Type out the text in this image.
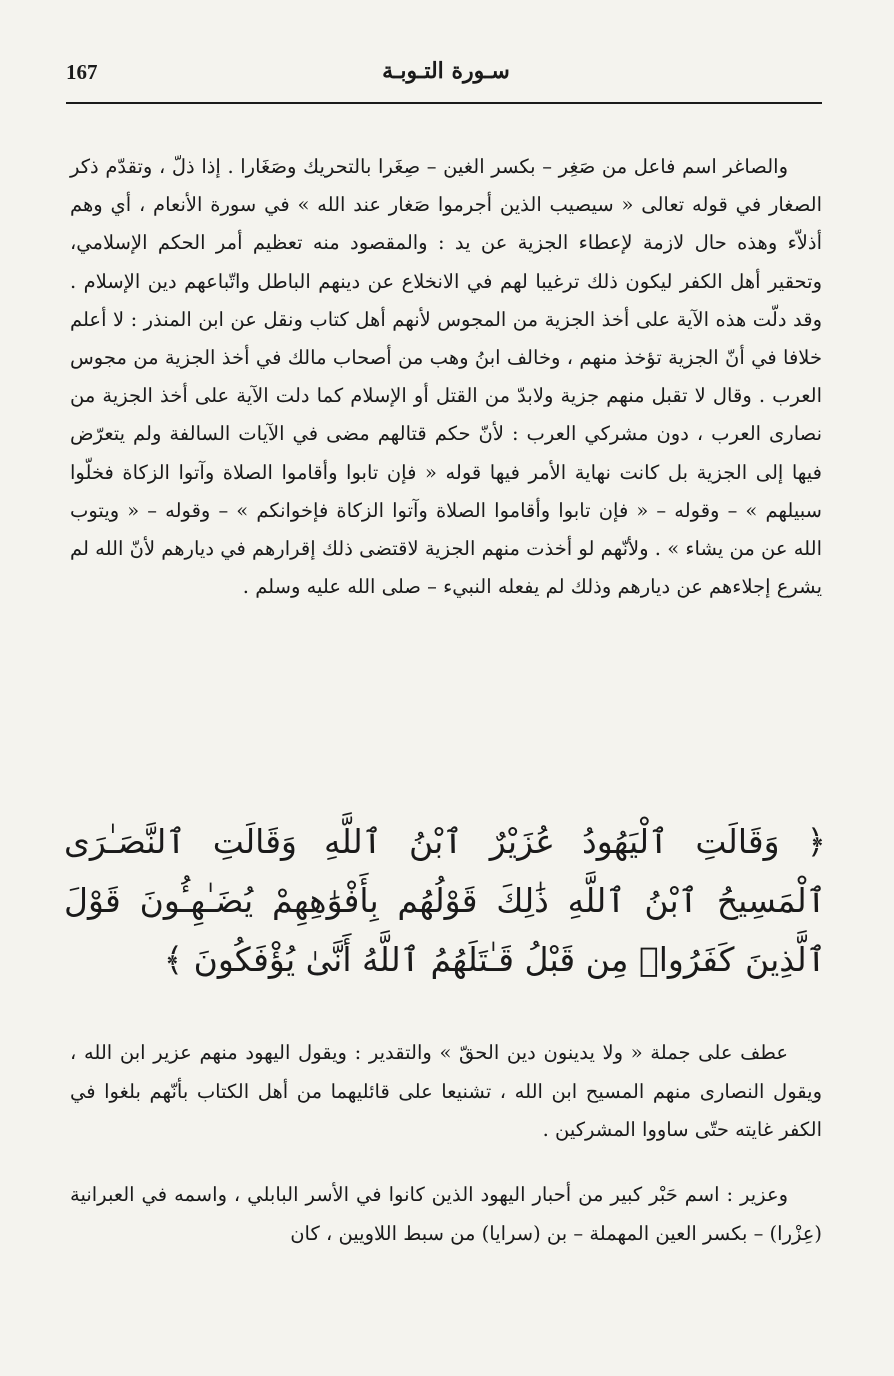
167	سـورة التـوبـة
والصاغر اسم فاعل من صَغِر – بكسر الغين – صِغَرا بالتحريك وصَغَارا . إذا ذلّ ، وتقدّم ذكر الصغار في قوله تعالى « سيصيب الذين أجرموا صَغار عند الله » في سورة الأنعام ، أي وهم أذلاّء وهذه حال لازمة لإعطاء الجزية عن يد : والمقصود منه تعظيم أمر الحكم الإسلامي، وتحقير أهل الكفر ليكون ذلك ترغيبا لهم في الانخلاع عن دينهم الباطل واتّباعهم دين الإسلام . وقد دلّت هذه الآية على أخذ الجزية من المجوس لأنهم أهل كتاب ونقل عن ابن المنذر : لا أعلم خلافا في أنّ الجزية تؤخذ منهم ، وخالف ابنُ وهب من أصحاب مالك في أخذ الجزية من مجوس العرب . وقال لا تقبل منهم جزية ولابدّ من القتل أو الإسلام كما دلت الآية على أخذ الجزية من نصارى العرب ، دون مشركي العرب : لأنّ حكم قتالهم مضى في الآيات السالفة ولم يتعرّض فيها إلى الجزية بل كانت نهاية الأمر فيها قوله « فإن تابوا وأقاموا الصلاة وآتوا الزكاة فخلّوا سبيلهم » – وقوله – « فإن تابوا وأقاموا الصلاة وآتوا الزكاة فإخوانكم » – وقوله – « ويتوب الله عن من يشاء » . ولأنّهم لو أخذت منهم الجزية لاقتضى ذلك إقرارهم في ديارهم لأنّ الله لم يشرع إجلاءهم عن ديارهم وذلك لم يفعله النبيء – صلى الله عليه وسلم .
﴿ وَقَالَتِ ٱلْيَهُودُ عُزَيْرٌ ٱبْنُ ٱللَّهِ وَقَالَتِ ٱلنَّصَـٰرَى ٱلْمَسِيحُ ٱبْنُ ٱللَّهِ ذَٰلِكَ قَوْلُهُم بِأَفْوَٰهِهِمْ يُضَـٰهِـُٔونَ قَوْلَ ٱلَّذِينَ كَفَرُوا۟ مِن قَبْلُ قَـٰتَلَهُمُ ٱللَّهُ أَنَّىٰ يُؤْفَكُونَ ﴾
عطف على جملة « ولا يدينون دين الحقّ » والتقدير : ويقول اليهود منهم عزير ابن الله ، ويقول النصارى منهم المسيح ابن الله ، تشنيعا على قائليهما من أهل الكتاب بأنّهم بلغوا في الكفر غايته حتّى ساووا المشركين .
وعزير : اسم حَبْر كبير من أحبار اليهود الذين كانوا في الأسر البابلي ، واسمه في العبرانية (عِزْرا) – بكسر العين المهملة – بن (سرايا) من سبط اللاويين ، كان
